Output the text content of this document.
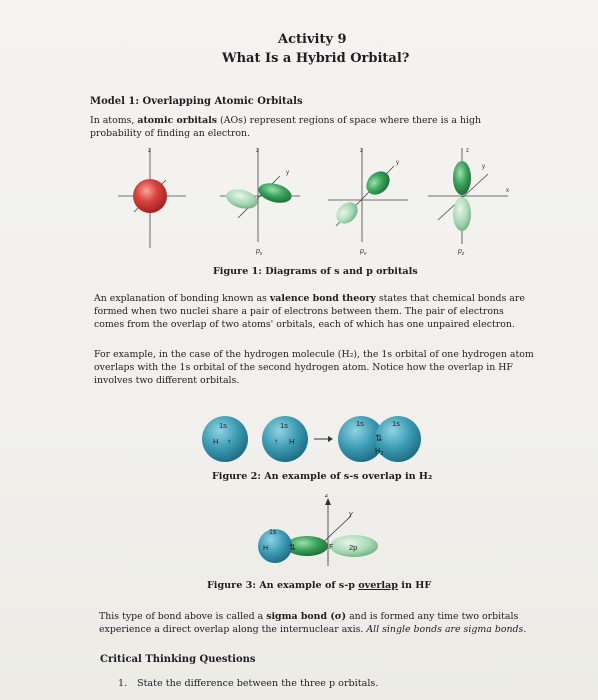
Activity 9
What Is a Hybrid Orbital?
Model 1: Overlapping Atomic Orbitals
In atoms, atomic orbitals (AOs) represent regions of space where there is a high probability of finding an electron.
z	z
y
$p_x$
z
y
$p_y$
z
y
x
$p_z$
Figure 1: Diagrams of s and p orbitals
An explanation of bonding known as valence bond theory states that chemical bonds are formed when two nuclei share a pair of electrons between them. The pair of electrons comes from the overlap of two atoms' orbitals, each of which has one unpaired electron.
For example, in the case of the hydrogen molecule (H₂), the 1s orbital of one hydrogen atom overlaps with the 1s orbital of the second hydrogen atom. Notice how the overlap in HF involves two different orbitals.
1s
H ↑
1s
↑ H
1s	1s
⇅
$H_2$
Figure 2: An example of s-s overlap in H₂
z
y
2p
F
1s
H	⇅
Figure 3: An example of s-p overlap in HF
This type of bond above is called a sigma bond (σ) and is formed any time two orbitals experience a direct overlap along the internuclear axis. All single bonds are sigma bonds.
Critical Thinking Questions
1. State the difference between the three p orbitals.
